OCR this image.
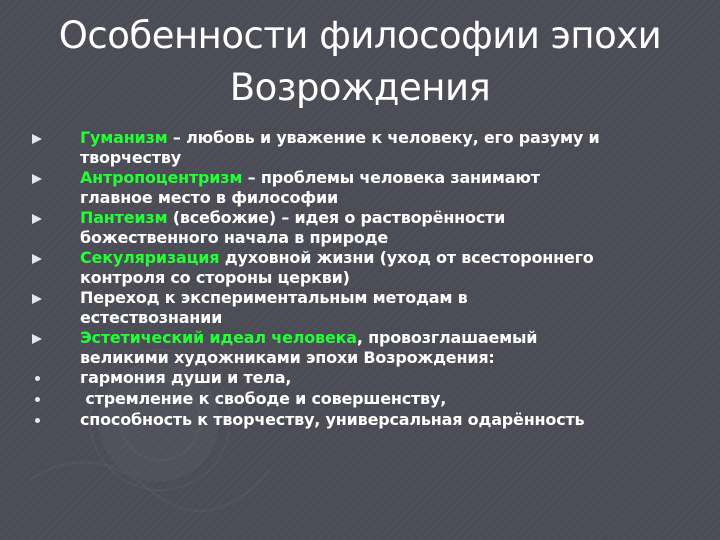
Особенности философии эпохи
Возрождения
Гуманизм – любовь и уважение к человеку, его разуму и
творчеству
Антропоцентризм – проблемы человека занимают
главное место в философии
Пантеизм (всебожие) – идея о растворённости
божественного начала в природе
Секуляризация духовной жизни (уход от всестороннего
контроля со стороны церкви)
Переход к экспериментальным методам в
естествознании
Эстетический идеал человека, провозглашаемый
великими художниками эпохи Возрождения:
гармония души и тела,
стремление к свободе и совершенству,
способность к творчеству, универсальная одарённость
